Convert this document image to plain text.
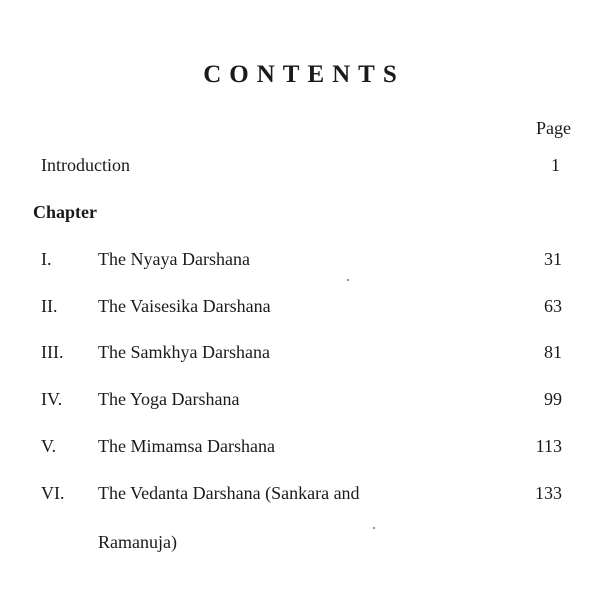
CONTENTS
Page
Introduction	1
Chapter
I.	The Nyaya Darshana	31
II. The Vaisesika Darshana	63
III. The Samkhya Darshana	81
IV. The Yoga Darshana	99
V. The Mimamsa Darshana	113
VI. The Vedanta Darshana (Sankara and	133
Ramanuja)
